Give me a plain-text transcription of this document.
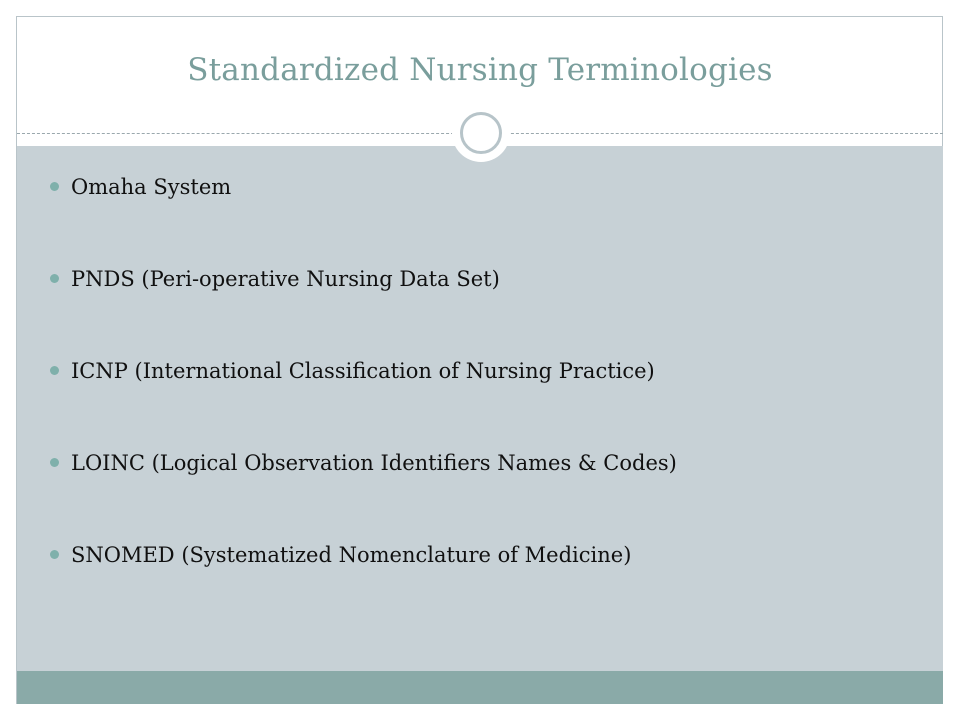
Standardized Nursing Terminologies
Omaha System
PNDS (Peri-operative Nursing Data Set)
ICNP (International Classification of Nursing Practice)
LOINC (Logical Observation Identifiers Names & Codes)
SNOMED (Systematized Nomenclature of Medicine)
